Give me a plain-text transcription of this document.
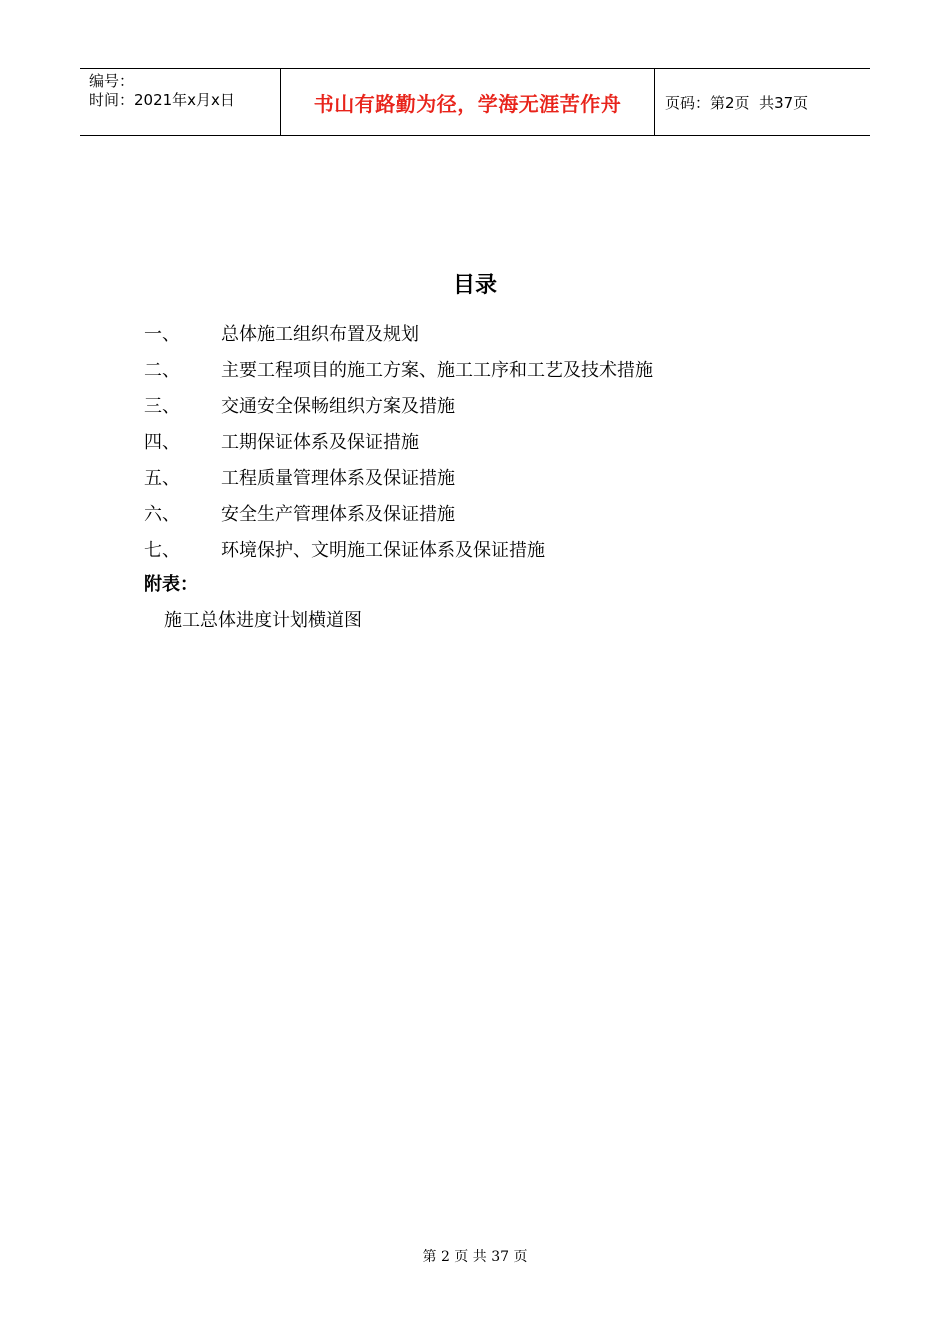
编号：
时间：2021年x月x日	书山有路勤为径，学海无涯苦作舟	页码：第2页  共37页
目录
一、 总体施工组织布置及规划
二、 主要工程项目的施工方案、施工工序和工艺及技术措施
三、 交通安全保畅组织方案及措施
四、 工期保证体系及保证措施
五、 工程质量管理体系及保证措施
六、 安全生产管理体系及保证措施
七、 环境保护、文明施工保证体系及保证措施
附表：
施工总体进度计划横道图
第 2 页 共 37 页
